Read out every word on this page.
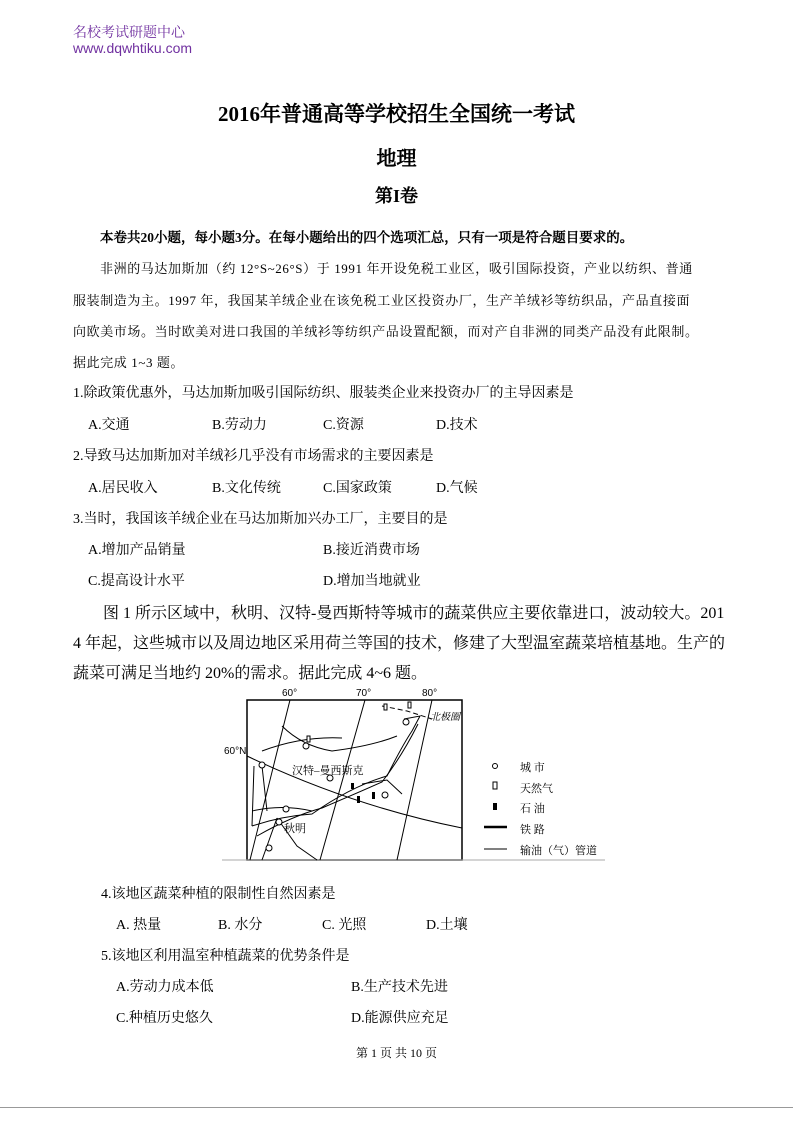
名校考试研题中心
www.dqwhtiku.com
2016年普通高等学校招生全国统一考试
地理
第I卷
本卷共20小题，每小题3分。在每小题给出的四个选项汇总，只有一项是符合题目要求的。
非洲的马达加斯加（约 12°S~26°S）于 1991 年开设免税工业区，吸引国际投资，产业以纺织、普通
服装制造为主。1997 年，我国某羊绒企业在该免税工业区投资办厂，生产羊绒衫等纺织品，产品直接面
向欧美市场。当时欧美对进口我国的羊绒衫等纺织产品设置配额，而对产自非洲的同类产品没有此限制。
据此完成 1~3 题。
1.除政策优惠外，马达加斯加吸引国际纺织、服装类企业来投资办厂的主导因素是
A.交通	B.劳动力	C.资源	D.技术
2.导致马达加斯加对羊绒衫几乎没有市场需求的主要因素是
A.居民收入	B.文化传统	C.国家政策	D.气候
3.当时，我国该羊绒企业在马达加斯加兴办工厂，主要目的是
A.增加产品销量	B.接近消费市场
C.提高设计水平	D.增加当地就业
图 1 所示区域中，秋明、汉特-曼西斯特等城市的蔬菜供应主要依靠进口，波动较大。201
4 年起，这些城市以及周边地区采用荷兰等国的技术，修建了大型温室蔬菜培植基地。生产的
蔬菜可满足当地约 20%的需求。据此完成 4~6 题。
60°	70°	80°
60°N
北极圈
汉特–曼西斯克
秋明
城 市
天然气
石 油
铁 路
输油（气）管道
4.该地区蔬菜种植的限制性自然因素是
A. 热量	B. 水分	C. 光照	D.土壤
5.该地区利用温室种植蔬菜的优势条件是
A.劳动力成本低	B.生产技术先进
C.种植历史悠久	D.能源供应充足
第 1 页 共 10 页
